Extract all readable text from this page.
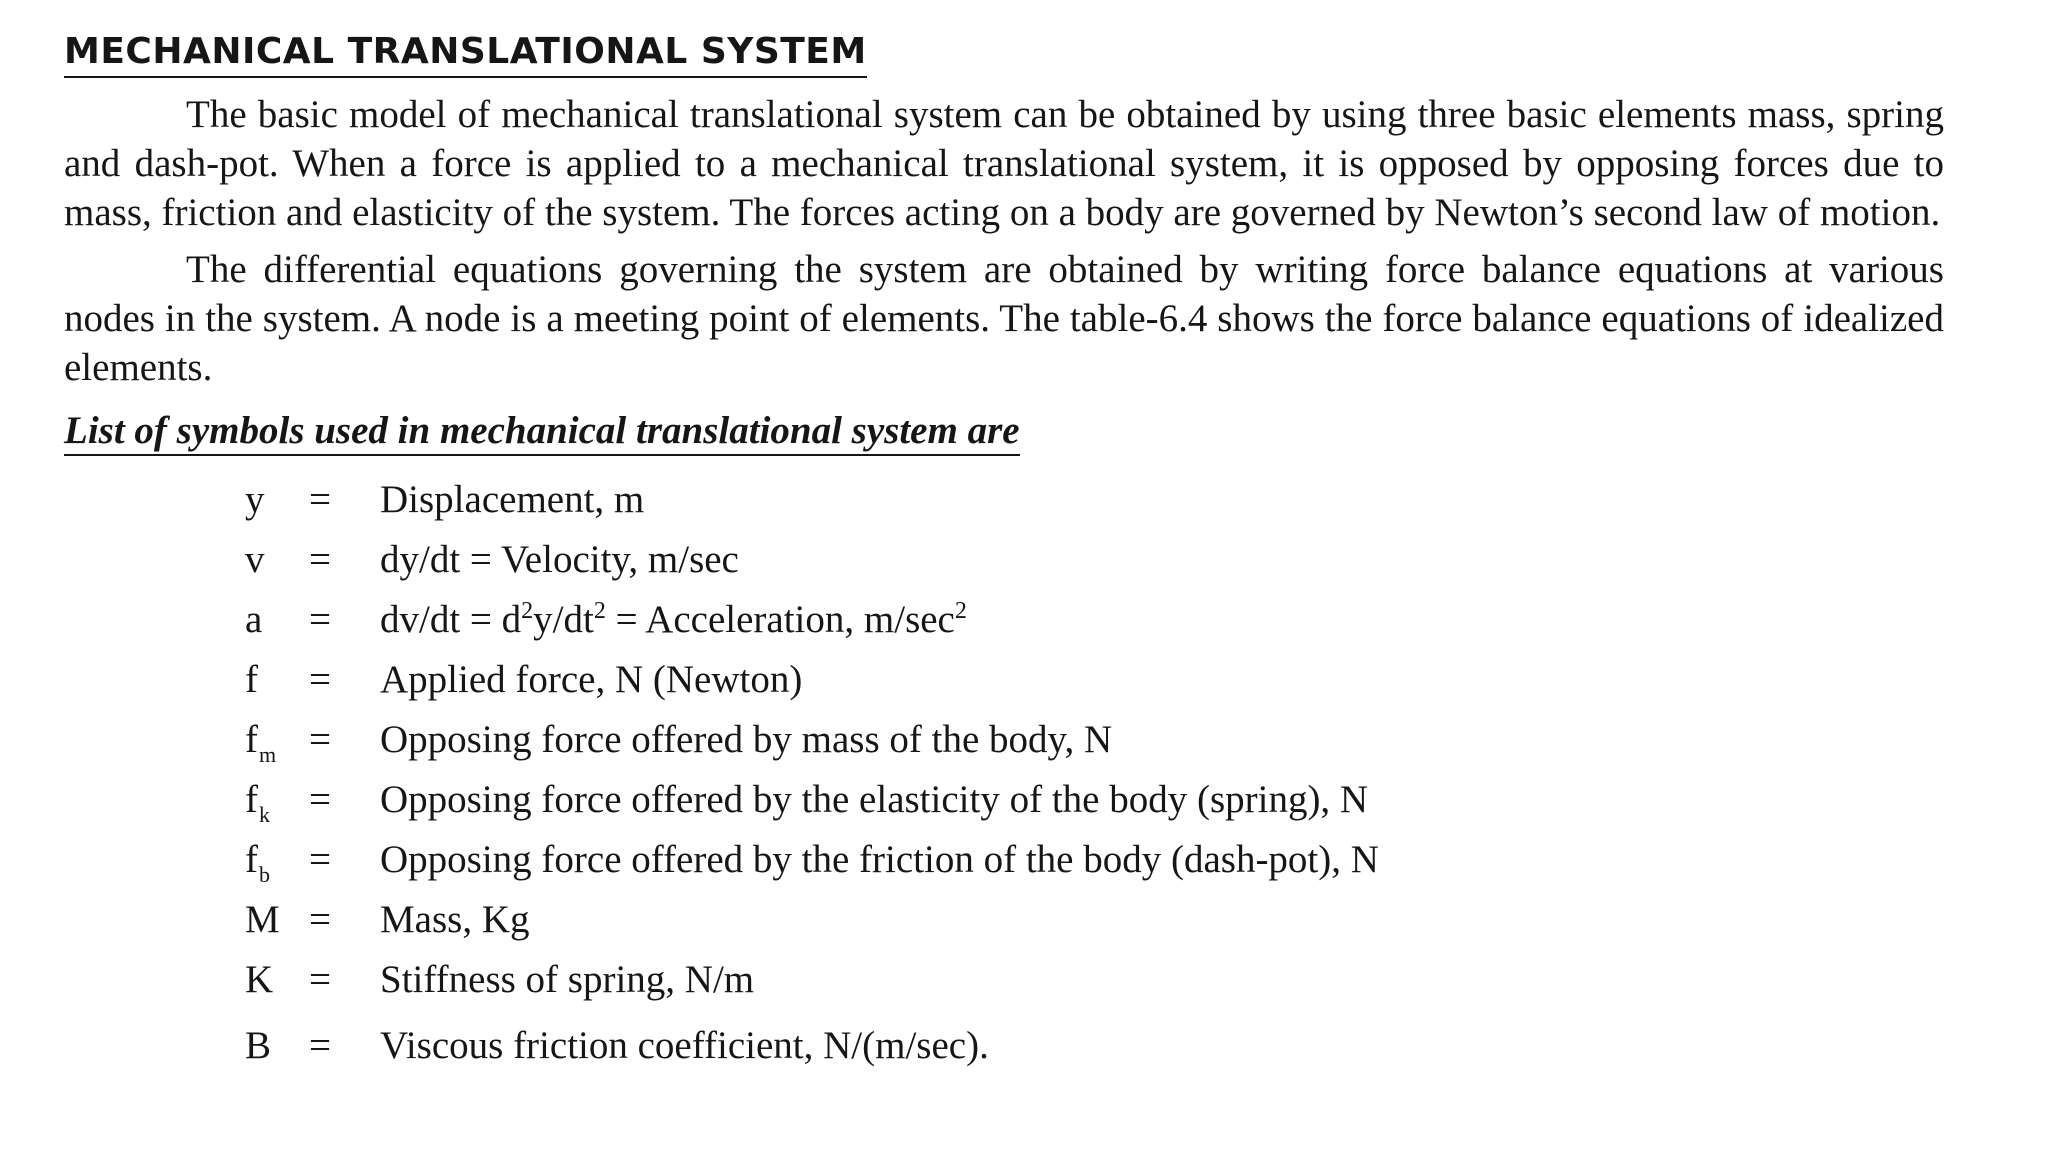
MECHANICAL TRANSLATIONAL SYSTEM

The basic model of mechanical translational system can be obtained by using three basic elements mass, spring and dash-pot. When a force is applied to a mechanical translational system, it is opposed by opposing forces due to mass, friction and elasticity of the system. The forces acting on a body are governed by Newton’s second law of motion.

The differential equations governing the system are obtained by writing force balance equations at various nodes in the system. A node is a meeting point of elements. The table-6.4 shows the force balance equations of idealized elements.

List of symbols used in mechanical translational system are
y	=	Displacement, m
v	=	dy/dt = Velocity, m/sec
a	=	$dv/dt = d^2y/dt^2$ = Acceleration, $m/\sec^2$
f	=	Applied force, N (Newton)
$f_m$ =	Opposing force offered by mass of the body, N
$f_k$	=	Opposing force offered by the elasticity of the body (spring), N
$f_b$	=	Opposing force offered by the friction of the body (dash-pot), N
M =	Mass, Kg
K =	Stiffness of spring, N/m
B =	Viscous friction coefficient, N/(m/sec).
